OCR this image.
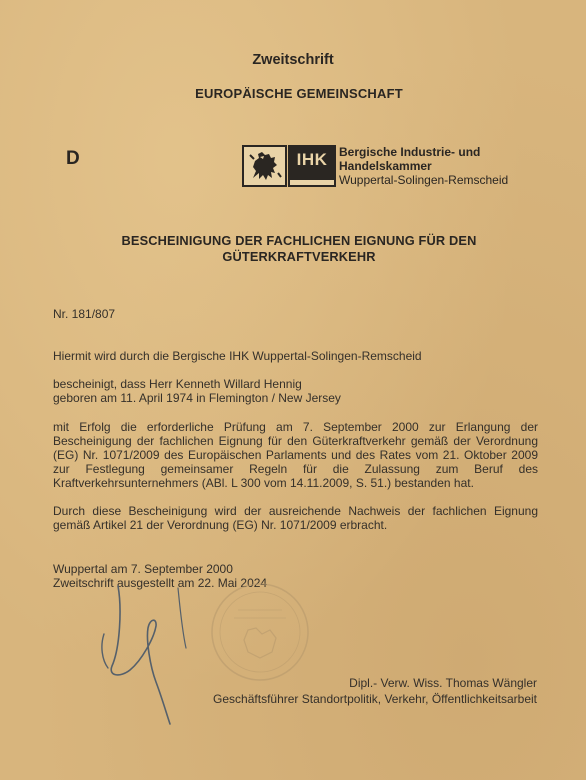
Zweitschrift
EUROPÄISCHE GEMEINSCHAFT
D	IHK Bergische Industrie- und
Handelskammer
Wuppertal-Solingen-Remscheid
BESCHEINIGUNG DER FACHLICHEN EIGNUNG FÜR DEN
GÜTERKRAFTVERKEHR
Nr. 181/807
Hiermit wird durch die Bergische IHK Wuppertal-Solingen-Remscheid
bescheinigt, dass Herr Kenneth Willard Hennig
geboren am 11. April 1974 in Flemington / New Jersey
mit Erfolg die erforderliche Prüfung am 7. September 2000 zur Erlangung der Bescheinigung der fachlichen Eignung für den Güterkraftverkehr gemäß der Verordnung (EG) Nr. 1071/2009 des Europäischen Parlaments und des Rates vom 21. Oktober 2009 zur Festlegung gemeinsamer Regeln für die Zulassung zum Beruf des Kraftverkehrsunternehmers (ABl. L 300 vom 14.11.2009, S. 51.) bestanden hat.
Durch diese Bescheinigung wird der ausreichende Nachweis der fachlichen Eignung gemäß Artikel 21 der Verordnung (EG) Nr. 1071/2009 erbracht.
Wuppertal am 7. September 2000
Zweitschrift ausgestellt am 22. Mai 2024
Dipl.- Verw. Wiss. Thomas Wängler
Geschäftsführer Standortpolitik, Verkehr, Öffentlichkeitsarbeit
